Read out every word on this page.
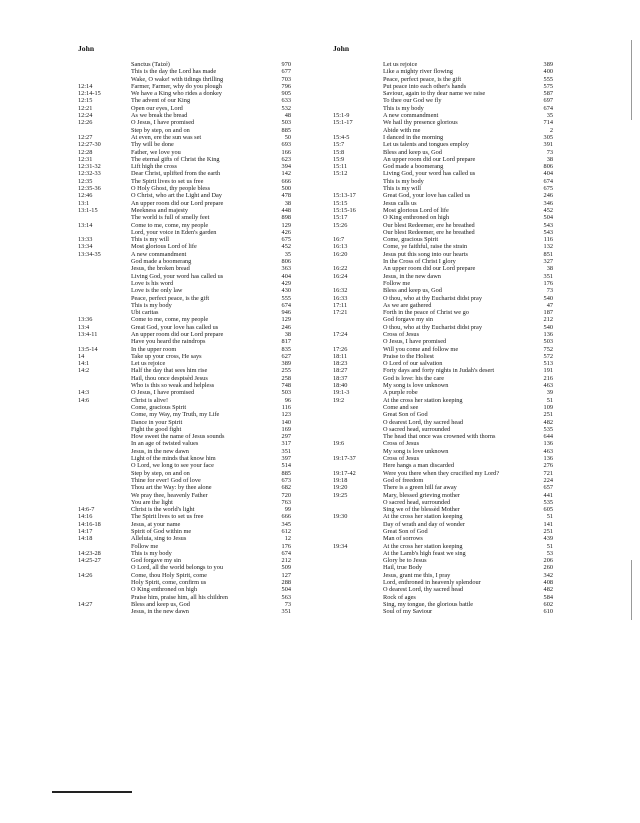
John	John
Sanctus (Taizé)	970
This is the day the Lord has made	677
Wake, O wake! with tidings thrilling	703
12:14	Farmer, Farmer, why do you plough	796
12:14-15	We have a King who rides a donkey	905
12:15	The advent of our King	633
12:21	Open our eyes, Lord	532
12:24	As we break the bread	48
12:26	O Jesus, I have promised	503
Step by step, on and on	885
12:27	At even, ere the sun was set	50
12:27-30	Thy will be done	693
12:28	Father, we love you	166
12:31	The eternal gifts of Christ the King	623
12:31-32	Lift high the cross	394
12:32-33	Dear Christ, uplifted from the earth	142
12:35	The Spirit lives to set us free	666
12:35-36	O Holy Ghost, thy people bless	500
12:46	O Christ, who art the Light and Day	478
13:1	An upper room did our Lord prepare	38
13:1-15	Meekness and majesty	448
The world is full of smelly feet	898
13:14	Come to me, come, my people	129
Lord, your voice in Eden's garden	426
13:33	This is my will	675
13:34	Most glorious Lord of life	452
13:34-35	A new commandment	35
God made a boomerang	806
Jesus, the broken bread	363
Living God, your word has called us	404
Love is his word	429
Love is the only law	430
Peace, perfect peace, is the gift	555
This is my body	674
Ubi caritas	946
13:36	Come to me, come, my people	129
13:4	Great God, your love has called us	246
13:4-11	An upper room did our Lord prepare	38
Have you heard the raindrops	817
13:5-14	In the upper room	835
14	Take up your cross, He says	627
14:1	Let us rejoice	389
14:2	Half the day that sees him rise	255
Hail, thou once despisèd Jesus	258
Who is this so weak and helpless	748
14:3	O Jesus, I have promised	503
14:6	Christ is alive!	96
Come, gracious Spirit	116
Come, my Way, my Truth, my Life	123
Dance in your Spirit	140
Fight the good fight	169
How sweet the name of Jesus sounds	297
In an age of twisted values	317
Jesus, in the new dawn	351
Light of the minds that know him	397
O Lord, we long to see your face	514
Step by step, on and on	885
Thine for ever! God of love	673
Thou art the Way: by thee alone	682
We pray thee, heavenly Father	720
You are the light	763
14:6-7	Christ is the world's light	99
14:16	The Spirit lives to set us free	666
14:16-18	Jesus, at your name	345
14:17	Spirit of God within me	612
14:18	Alleluia, sing to Jesus	12
Follow me	176
14:23-28	This is my body	674
14:25-27	God forgave my sin	212
O Lord, all the world belongs to you	509
14:26	Come, thou Holy Spirit, come	127
Holy Spirit, come, confirm us	288
O King enthroned on high	504
Praise him, praise him, all his children	563
14:27	Bless and keep us, God	73
Jesus, in the new dawn	351
Let us rejoice	389
Like a mighty river flowing	400
Peace, perfect peace, is the gift	555
Put peace into each other's hands	575
Saviour, again to thy dear name we raise	587
To thee our God we fly	697
This is my body	674
15:1-9	A new commandment	35
15:1-17	We hail thy presence glorious	714
Abide with me	2
15:4-5	I danced in the morning	305
15:7	Let us talents and tongues employ	391
15:8	Bless and keep us, God	73
15:9	An upper room did our Lord prepare	38
15:11	God made a boomerang	806
15:12	Living God, your word has called us	404
This is my body	674
This is my will	675
15:13-17	Great God, your love has called us	246
15:15	Jesus calls us	346
15:15-16	Most glorious Lord of life	452
15:17	O King enthroned on high	504
15:26	Our blest Redeemer, ere he breathed	543
Our blest Redeemer, ere he breathed	543
16:7	Come, gracious Spirit	116
16:13	Come, ye faithful, raise the strain	132
16:20	Jesus put this song into our hearts	851
In the Cross of Christ I glory	327
16:22	An upper room did our Lord prepare	38
16:24	Jesus, in the new dawn	351
Follow me	176
16:32	Bless and keep us, God	73
16:33	O thou, who at thy Eucharist didst pray	540
17:11	As we are gathered	47
17:21	Forth in the peace of Christ we go	187
God forgave my sin	212
O thou, who at thy Eucharist didst pray	540
17:24	Cross of Jesus	136
O Jesus, I have promised	503
17:26	Will you come and follow me	752
18:11	Praise to the Holiest	572
18:23	O Lord of our salvation	513
18:27	Forty days and forty nights in Judah's desert	191
18:37	God is love: his the care	216
18:40	My song is love unknown	463
19:1-3	A purple robe	39
19:2	At the cross her station keeping	51
Come and see	109
Great Son of God	251
O dearest Lord, thy sacred head	482
O sacred head, surrounded	535
The head that once was crowned with thorns	644
19:6	Cross of Jesus	136
My song is love unknown	463
19:17-37	Cross of Jesus	136
Here hangs a man discarded	276
19:17-42	Were you there when they crucified my Lord?	721
19:18	God of freedom	224
19:20	There is a green hill far away	657
19:25	Mary, blessed grieving mother	441
O sacred head, surrounded	535
Sing we of the blessèd Mother	605
19:30	At the cross her station keeping	51
Day of wrath and day of wonder	141
Great Son of God	251
Man of sorrows	439
19:34	At the cross her station keeping	51
At the Lamb's high feast we sing	53
Glory be to Jesus	206
Hail, true Body	260
Jesus, grant me this, I pray	342
Lord, enthroned in heavenly splendour	408
O dearest Lord, thy sacred head	482
Rock of ages	584
Sing, my tongue, the glorious battle	602
Soul of my Saviour	610
